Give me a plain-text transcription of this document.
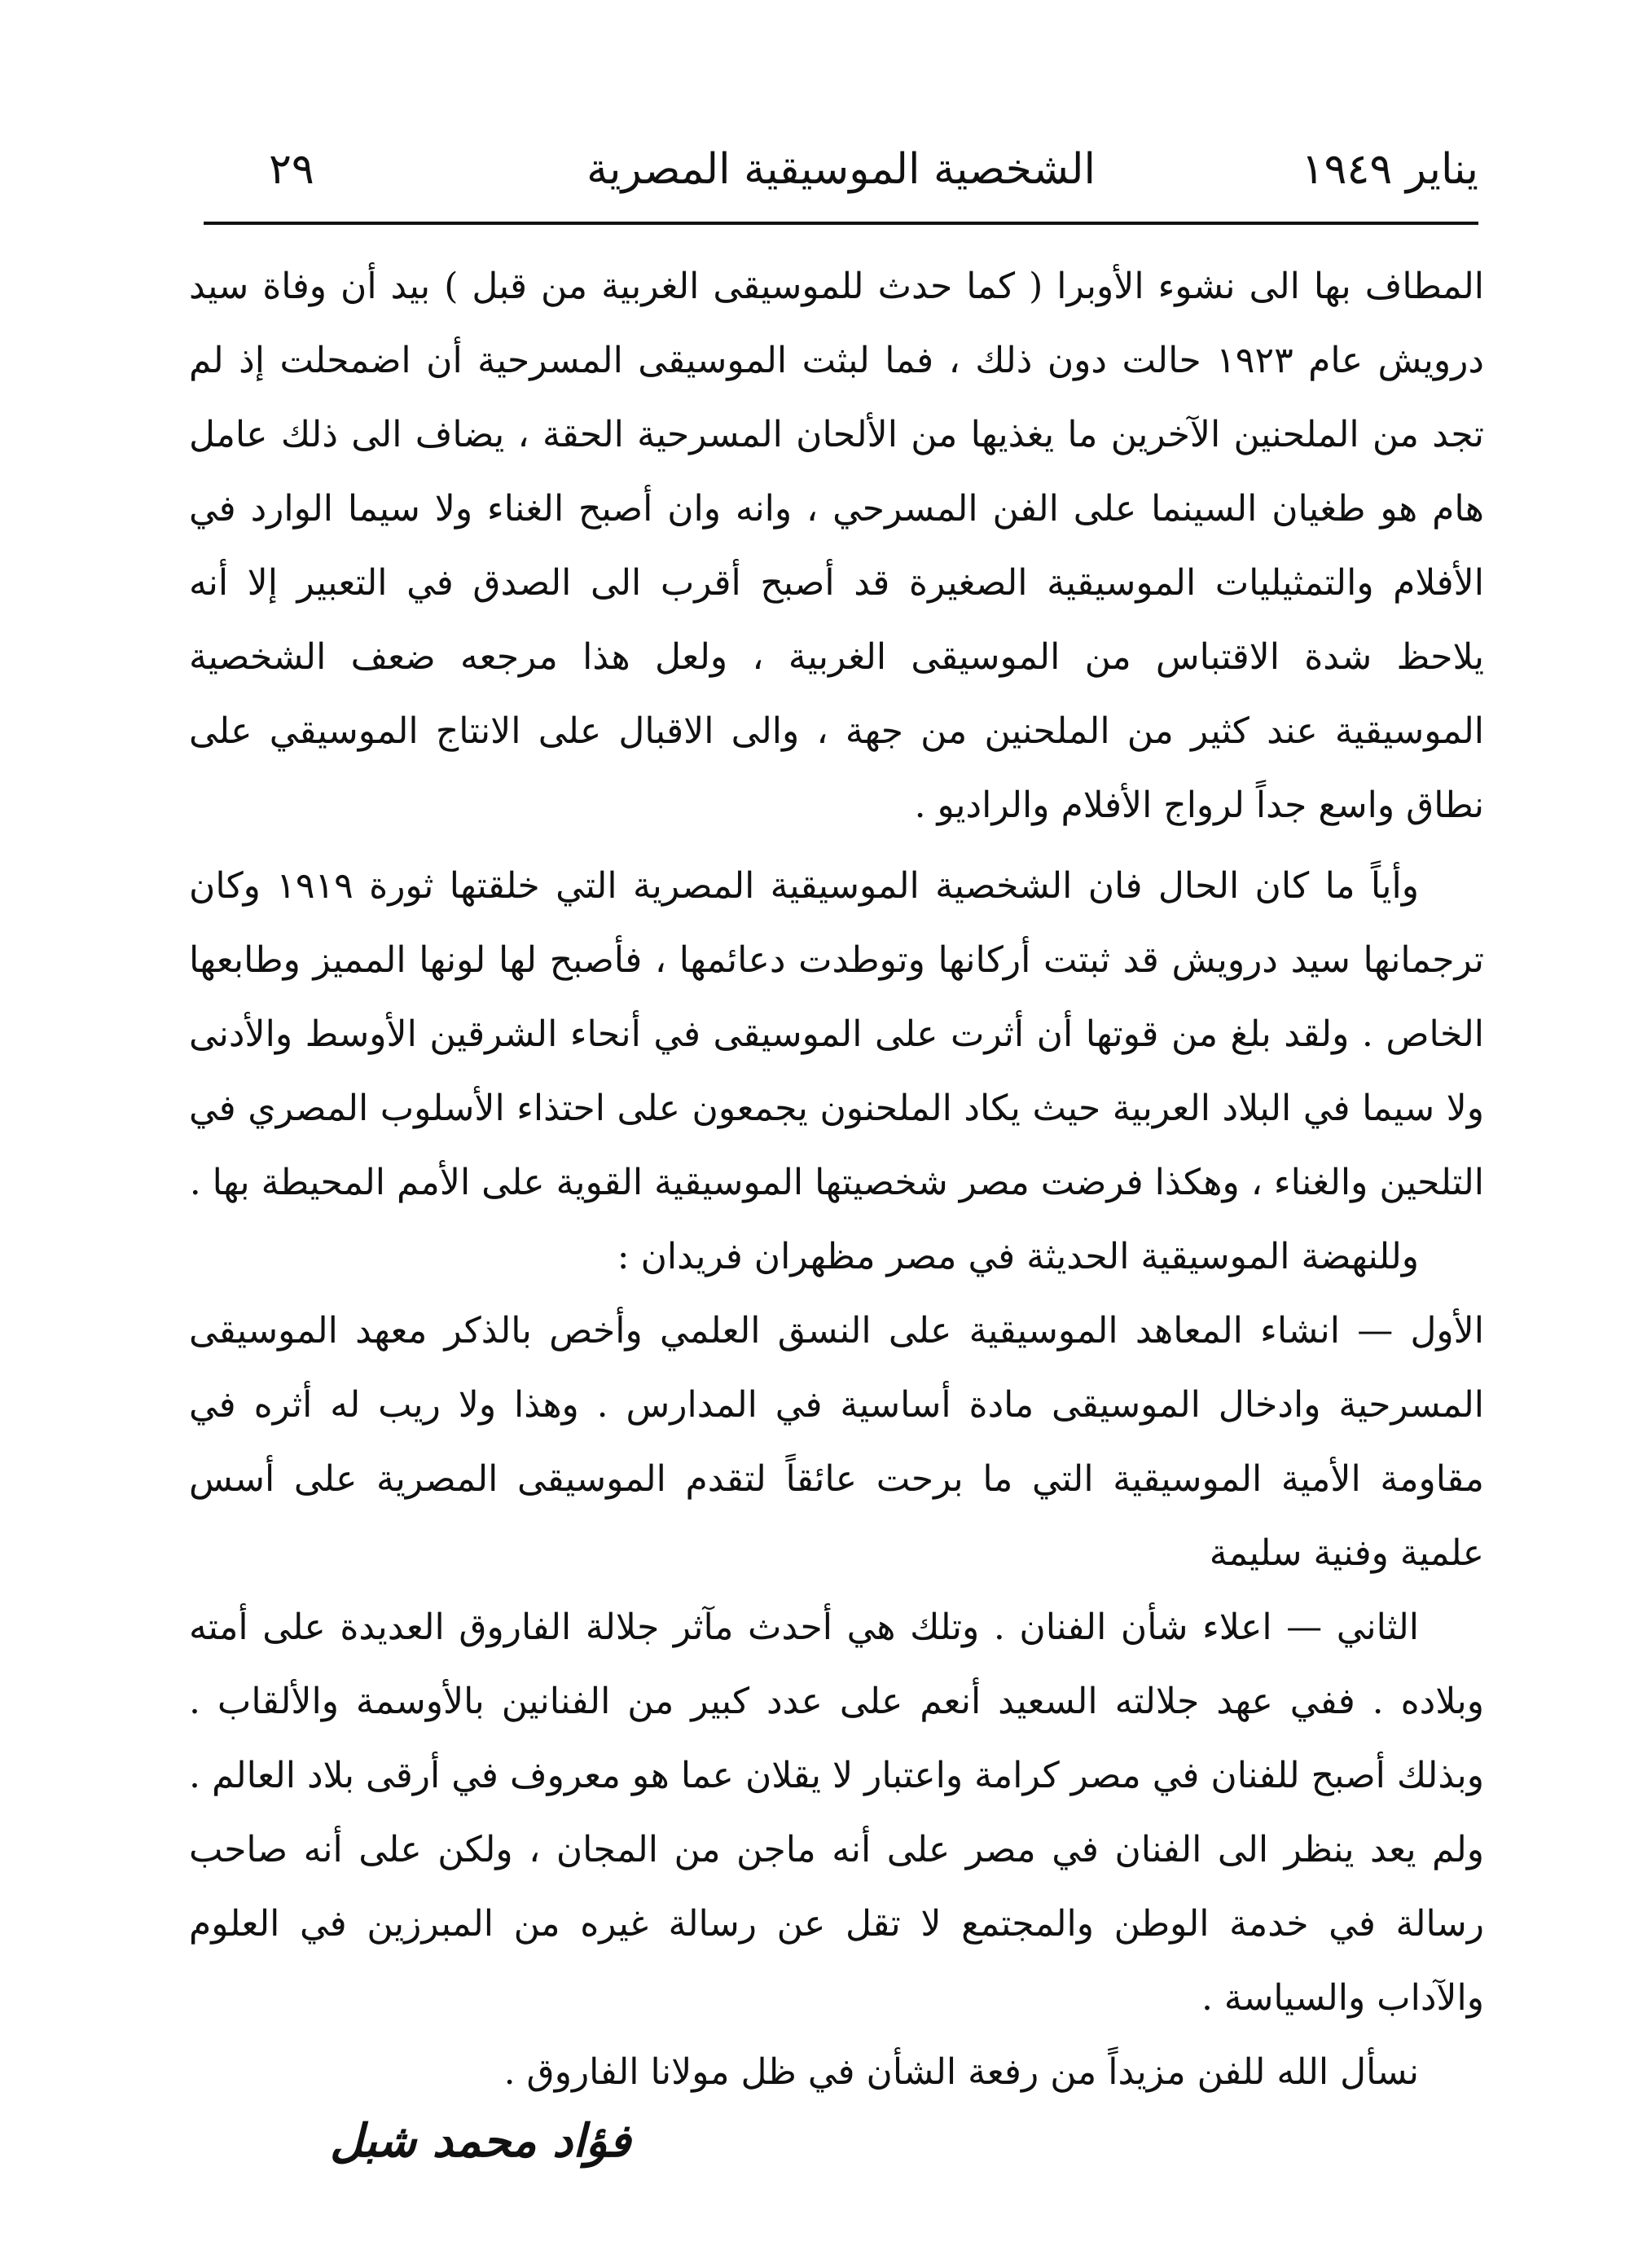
يناير ١٩٤٩
الشخصية الموسيقية المصرية
٢٩

المطاف بها الى نشوء الأوبرا ( كما حدث للموسيقى الغربية من قبل ) بيد أن وفاة سيد درويش عام ١٩٢٣ حالت دون ذلك ، فما لبثت الموسيقى المسرحية أن اضمحلت إذ لم تجد من الملحنين الآخرين ما يغذيها من الألحان المسرحية الحقة ، يضاف الى ذلك عامل هام هو طغيان السينما على الفن المسرحي ، وانه وان أصبح الغناء ولا سيما الوارد في الأفلام والتمثيليات الموسيقية الصغيرة قد أصبح أقرب الى الصدق في التعبير إلا أنه يلاحظ شدة الاقتباس من الموسيقى الغربية ، ولعل هذا مرجعه ضعف الشخصية الموسيقية عند كثير من الملحنين من جهة ، والى الاقبال على الانتاج الموسيقي على نطاق واسع جداً لرواج الأفلام والراديو .

وأياً ما كان الحال فان الشخصية الموسيقية المصرية التي خلقتها ثورة ١٩١٩ وكان ترجمانها سيد درويش قد ثبتت أركانها وتوطدت دعائمها ، فأصبح لها لونها المميز وطابعها الخاص . ولقد بلغ من قوتها أن أثرت على الموسيقى في أنحاء الشرقين الأوسط والأدنى ولا سيما في البلاد العربية حيث يكاد الملحنون يجمعون على احتذاء الأسلوب المصري في التلحين والغناء ، وهكذا فرضت مصر شخصيتها الموسيقية القوية على الأمم المحيطة بها .

وللنهضة الموسيقية الحديثة في مصر مظهران فريدان :

الأول — انشاء المعاهد الموسيقية على النسق العلمي وأخص بالذكر معهد الموسيقى المسرحية وادخال الموسيقى مادة أساسية في المدارس . وهذا ولا ريب له أثره في مقاومة الأمية الموسيقية التي ما برحت عائقاً لتقدم الموسيقى المصرية على أسس علمية وفنية سليمة

الثاني — اعلاء شأن الفنان . وتلك هي أحدث مآثر جلالة الفاروق العديدة على أمته وبلاده . ففي عهد جلالته السعيد أنعم على عدد كبير من الفنانين بالأوسمة والألقاب . وبذلك أصبح للفنان في مصر كرامة واعتبار لا يقلان عما هو معروف في أرقى بلاد العالم . ولم يعد ينظر الى الفنان في مصر على أنه ماجن من المجان ، ولكن على أنه صاحب رسالة في خدمة الوطن والمجتمع لا تقل عن رسالة غيره من المبرزين في العلوم والآداب والسياسة .

نسأل الله للفن مزيداً من رفعة الشأن في ظل مولانا الفاروق .

فؤاد محمد شبل
